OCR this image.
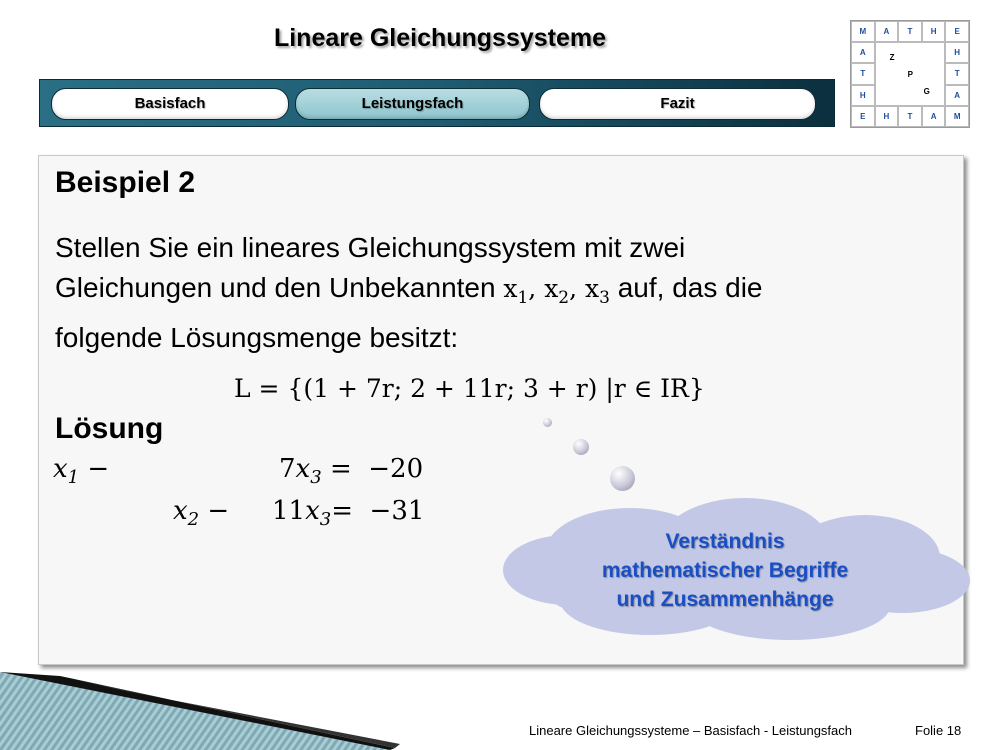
Lineare Gleichungssysteme
Basisfach	Leistungsfach	Fazit
M	A	T	H	E
A
Z
P
G
H
T	T
H	A
E	H	T	A	M
Beispiel 2
Stellen Sie ein lineares Gleichungssystem mit zwei
Gleichungen und den Unbekannten $x_1$, $x_2$, $x_3$ auf, das die
folgende Lösungsmenge besitzt:
L = {(1 + 7r; 2 + 11r; 3 + r) |r ∈ IR}
Lösung
$x_1$ −	$7x_3 = -20$
$x_2 - 11x_3= -31$
Verständnis
mathematischer Begriffe
und Zusammenhänge
Lineare Gleichungssysteme – Basisfach - Leistungsfach	Folie 18
